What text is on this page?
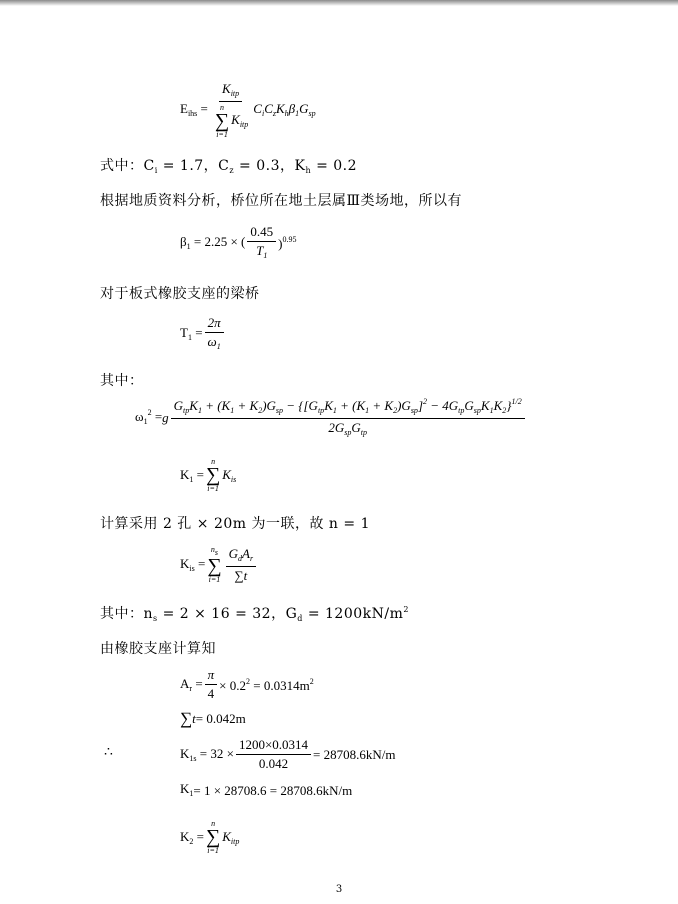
$E_{ihs} = K_{itp}$
n
∑
i=1
$K_{itp}$ $C_iC_zK_h\beta_1G_{sp}$
式中：$C_i = 1.7$，$C_z = 0.3$，$K_h = 0.2$
根据地质资料分析，桥位所在地土层属Ⅲ类场地，所以有
$\beta_1 = 2.25$ × ( $\frac{0.45}{T_1} )^{0.95}$
对于板式橡胶支座的梁桥
$T_1 = \frac{2\pi}{\omega_1}$
其中：
$\omega_1^2 = g$
$G_{tp}K_1 + (K_1 + K_2)G_{sp} - \{[G_{tp}K_1 + (K_1 + K_2)G_{sp}]^2 - 4G_{tp}G_{sp}K_1K_2\}^{1/2}$
$2G_{sp}G_{tp}$
$K_1$ =
n
∑
i=1
$K_{is}$
计算采用 2 孔 × 20m 为一联，故 n = 1
$K_{is}$ =
$n_s$
∑
$i=1 \frac{G_dA_r}{\sum t}$
其中：$n_s = 2 \times 16 = 32$，$G_d = 1200kN/m^2$
由橡胶支座计算知
$A_r = \frac{\pi}{4} \times 0.2^2 = 0.0314m^2$
∑ t = 0.042m
∴	$K_{1s} = 32 \times \frac{1200\times 0.0314}{0.042} = 28708.6kN/m$
$K_1 = 1 \times 28708.6 = 28708.6kN/m$
$K_2$ =
n
∑
i=1
$K_{itp}$
3
